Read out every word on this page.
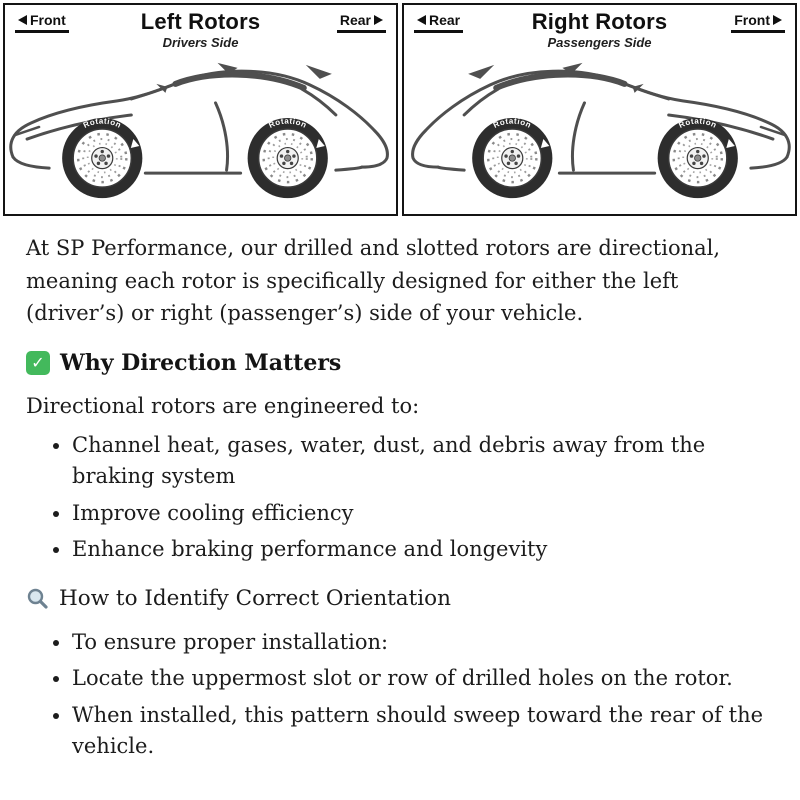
Front	Left Rotors
Drivers Side
Rear	Rear	Right Rotors
Passengers Side
Front

At SP Performance, our drilled and slotted rotors are directional, meaning each rotor is specifically designed for either the left (driver’s) or right (passenger’s) side of your vehicle.

✓ Why Direction Matters

Directional rotors are engineered to:

• Channel heat, gases, water, dust, and debris away from the braking system
• Improve cooling efficiency
• Enhance braking performance and longevity
How to Identify Correct Orientation
• To ensure proper installation:
• Locate the uppermost slot or row of drilled holes on the rotor.
• When installed, this pattern should sweep toward the rear of the vehicle.
